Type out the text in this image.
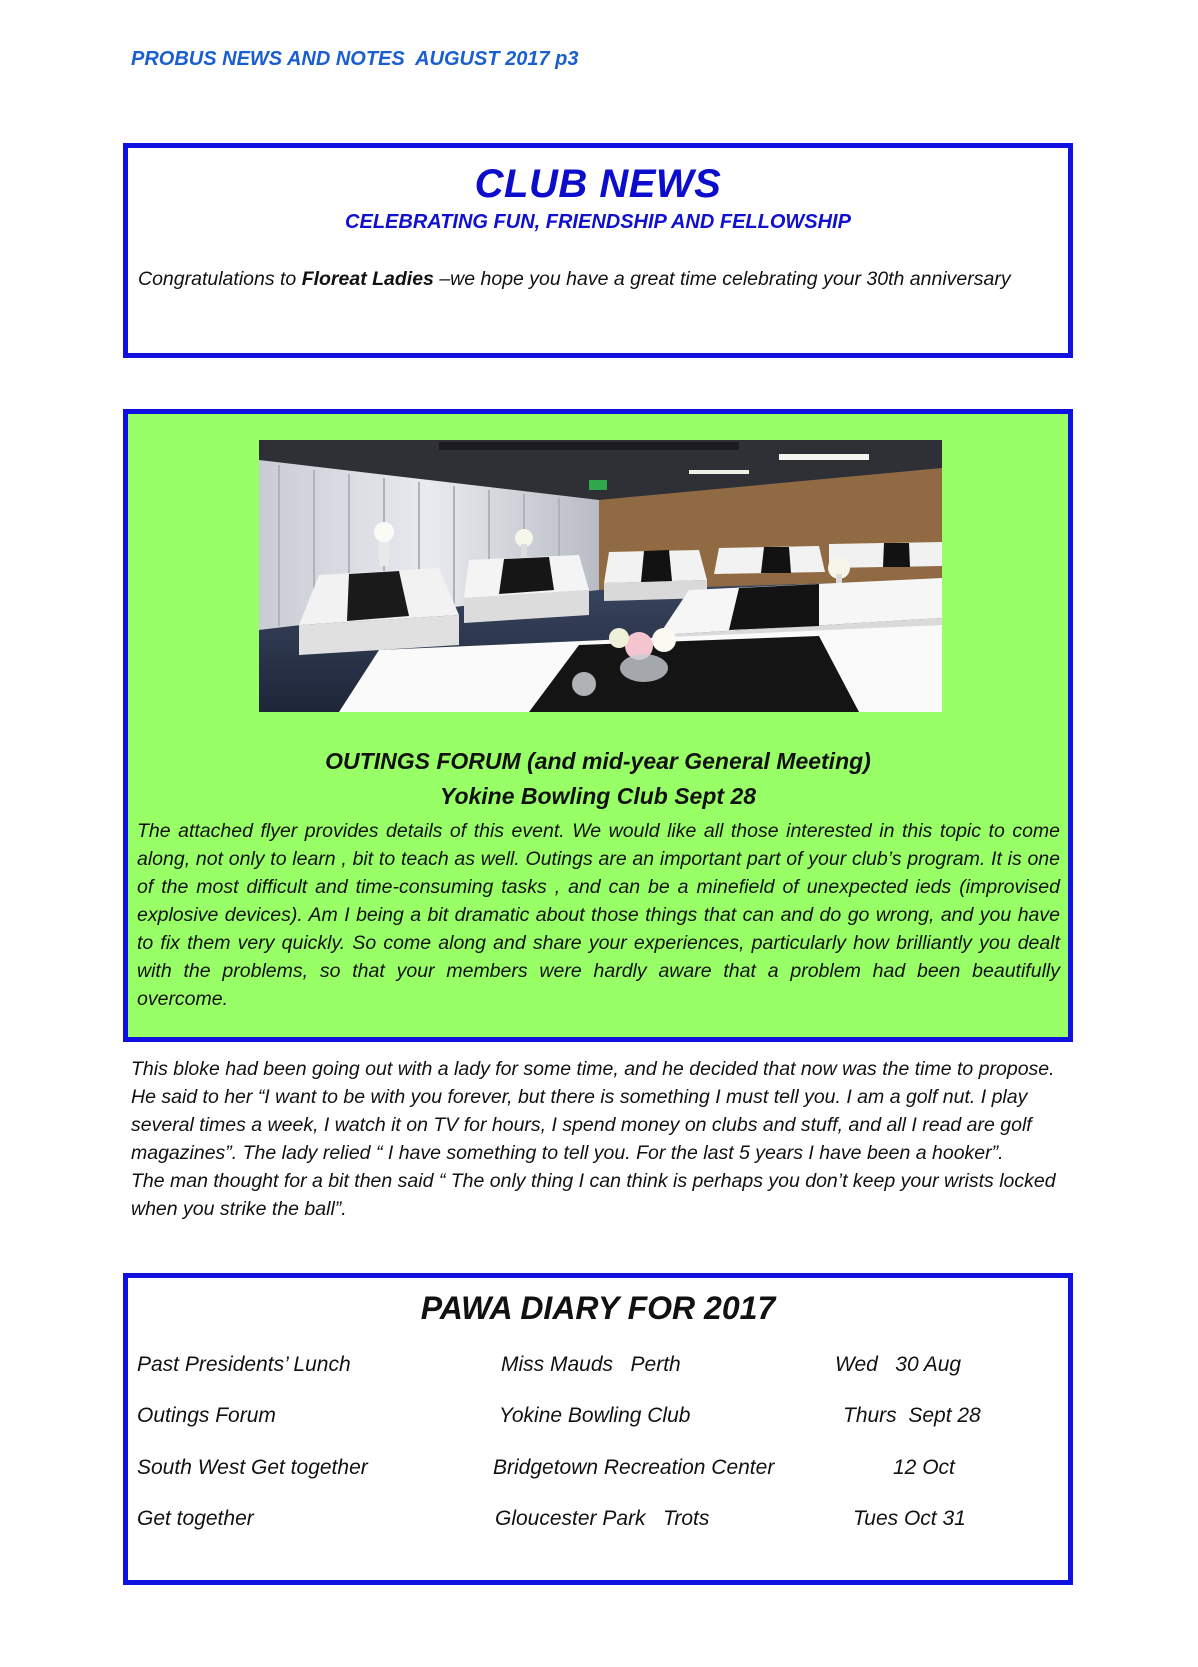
PROBUS NEWS AND NOTES  AUGUST 2017 p3
CLUB NEWS
CELEBRATING FUN, FRIENDSHIP AND FELLOWSHIP
Congratulations to Floreat Ladies –we hope you have a great time celebrating your 30th anniversary
OUTINGS FORUM (and mid-year General Meeting)
Yokine Bowling Club Sept 28
The attached flyer provides details of this event. We would like all those interested in this topic to come along, not only to learn , bit to teach as well. Outings are an important part of your club’s program. It is one of the most difficult and time-consuming tasks , and can be a minefield of unexpected ieds (improvised explosive devices). Am I being a bit dramatic about those things that can and do go wrong, and you have to fix them very quickly. So come along and share your experiences, particularly how brilliantly you dealt with the problems, so that your members were hardly aware that a problem had been beautifully overcome.

This bloke had been going out with a lady for some time, and he decided that now was the time to propose. He said to her “I want to be with you forever, but there is something I must tell you. I am a golf nut. I play several times a week, I watch it on TV for hours, I spend money on clubs and stuff, and all I read are golf magazines”. The lady relied “ I have something to tell you. For the last 5 years I have been a hooker”.

The man thought for a bit then said “ The only thing I can think is perhaps you don’t keep your wrists locked when you strike the ball”.

PAWA DIARY FOR 2017
Past Presidents’ Lunch	Miss Mauds   Perth	Wed   30 Aug
Outings Forum	Yokine Bowling Club	Thurs  Sept 28
South West Get together	Bridgetown Recreation Center	12 Oct
Get together	Gloucester Park   Trots	Tues Oct 31
